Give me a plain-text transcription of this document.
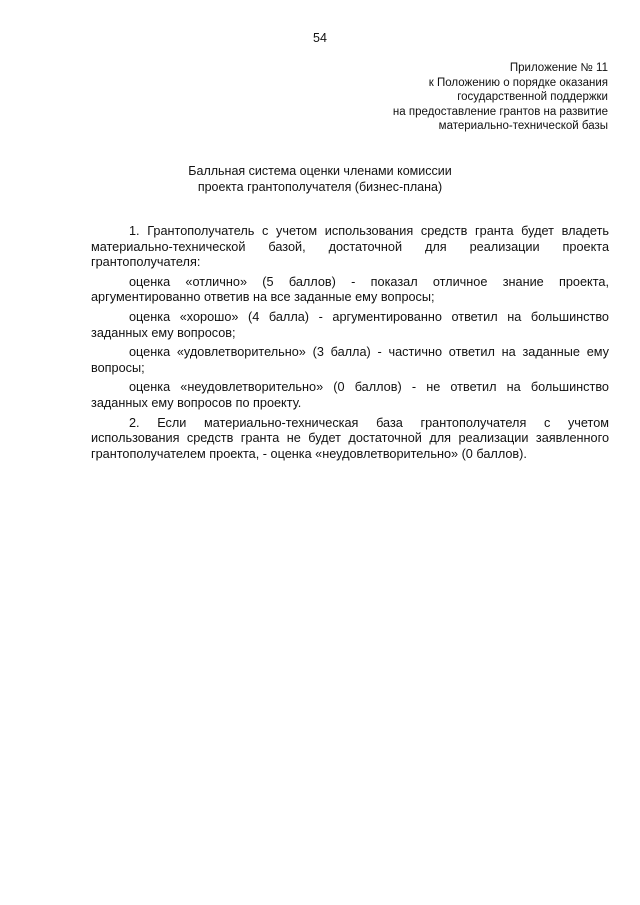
54
Приложение № 11
к Положению о порядке оказания
государственной поддержки
на предоставление грантов на развитие
материально-технической базы
Балльная система оценки членами комиссии
проекта грантополучателя (бизнес-плана)

1. Грантополучатель с учетом использования средств гранта будет владеть материально-технической базой, достаточной для реализации проекта грантополучателя:

оценка «отлично» (5 баллов) - показал отличное знание проекта, аргументированно ответив на все заданные ему вопросы;

оценка «хорошо» (4 балла) - аргументированно ответил на большинство заданных ему вопросов;

оценка «удовлетворительно» (3 балла) - частично ответил на заданные ему вопросы;

оценка «неудовлетворительно» (0 баллов) - не ответил на большинство заданных ему вопросов по проекту.

2. Если материально-техническая база грантополучателя с учетом использования средств гранта не будет достаточной для реализации заявленного грантополучателем проекта, - оценка «неудовлетворительно» (0 баллов).
